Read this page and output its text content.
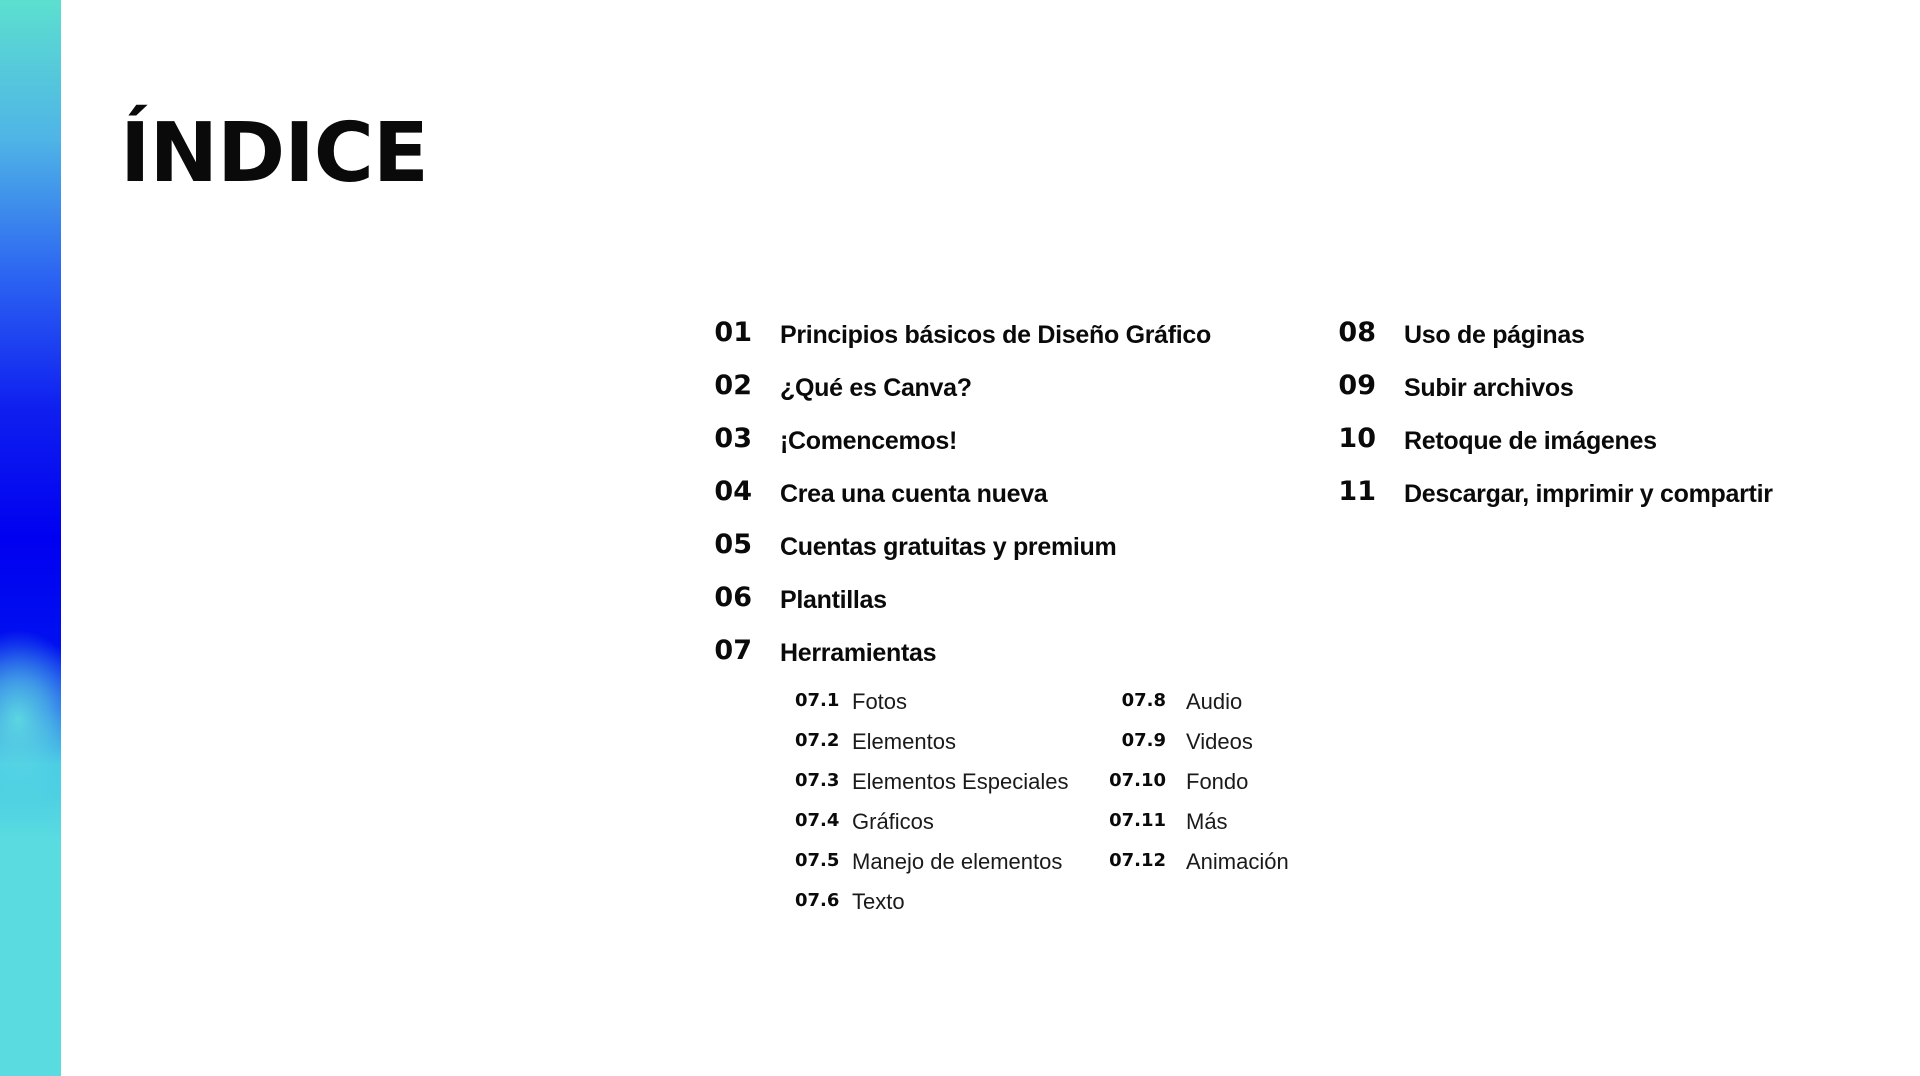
ÍNDICE
01 Principios básicos de Diseño Gráfico
02 ¿Qué es Canva?
03 ¡Comencemos!
04 Crea una cuenta nueva
05 Cuentas gratuitas y premium
06 Plantillas
07 Herramientas
07.1 Fotos
07.2 Elementos
07.3 Elementos Especiales
07.4 Gráficos
07.5 Manejo de elementos
07.6 Texto
07.8 Audio
07.9 Videos
07.10 Fondo
07.11 Más
07.12 Animación
08 Uso de páginas
09 Subir archivos
10 Retoque de imágenes
11 Descargar, imprimir y compartir
